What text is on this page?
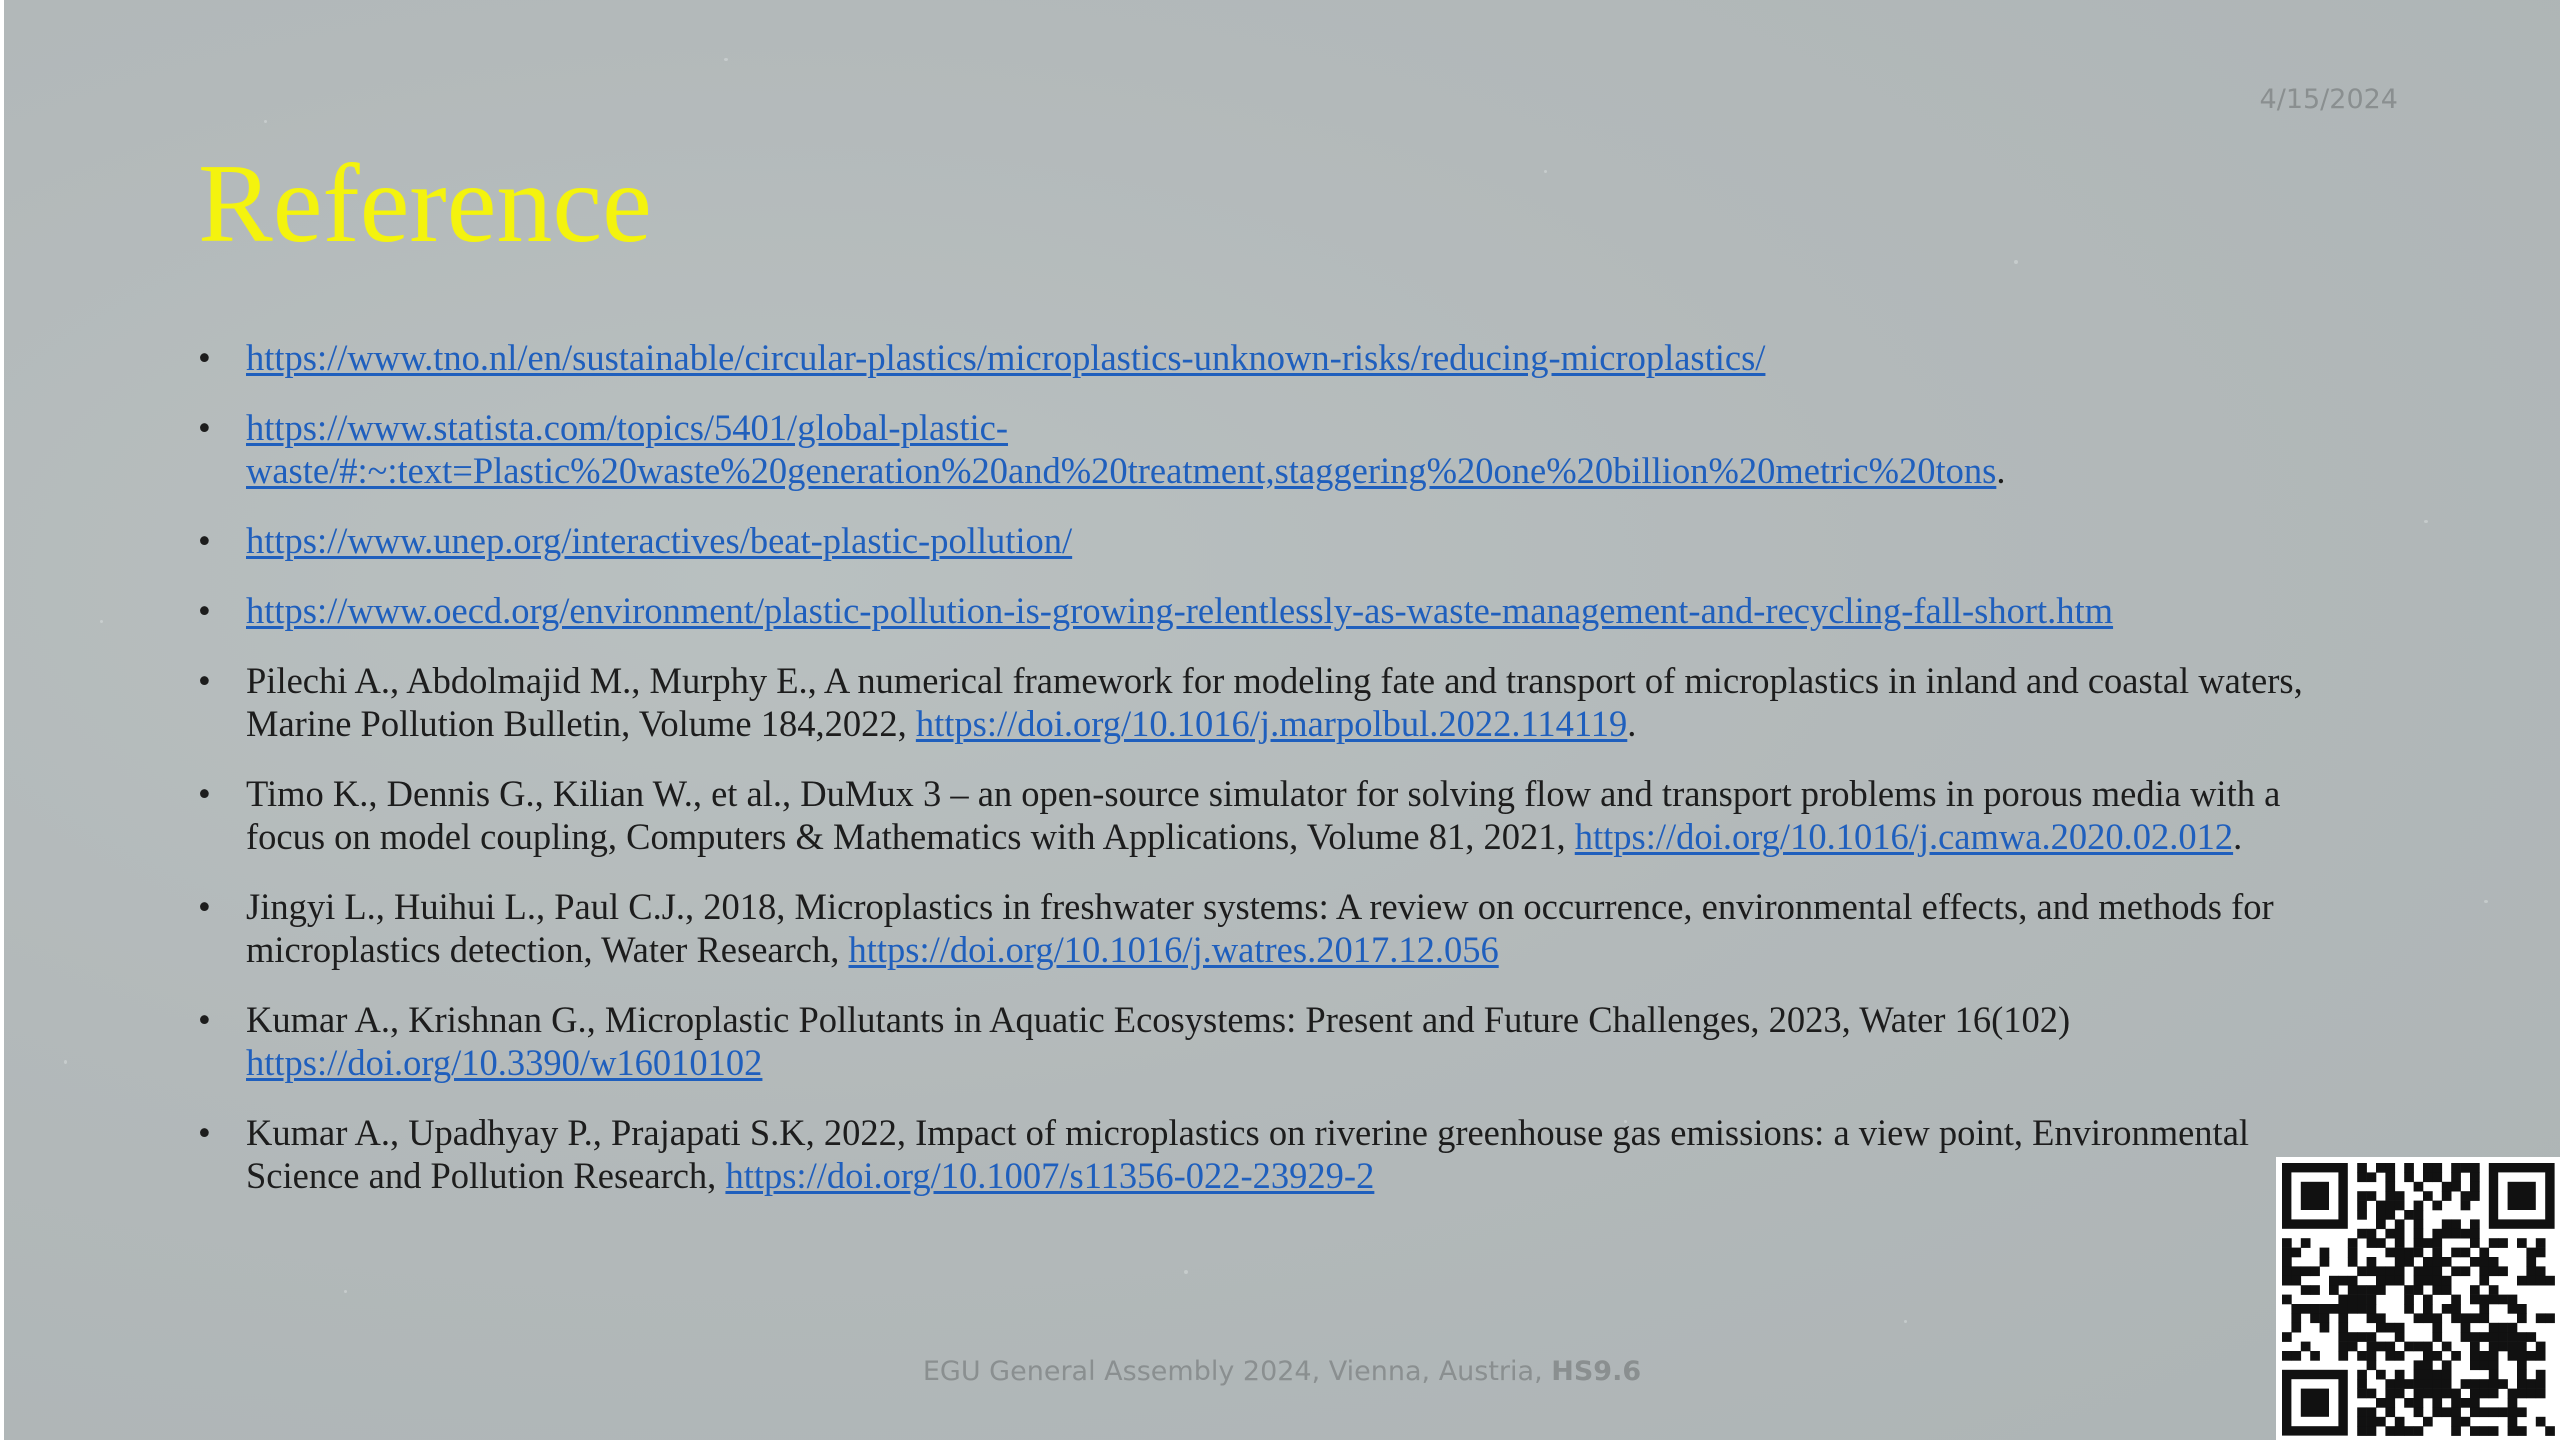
4/15/2024
Reference
• https://www.tno.nl/en/sustainable/circular-plastics/microplastics-unknown-risks/reducing-microplastics/
• https://www.statista.com/topics/5401/global-plastic-waste/#:~:text=Plastic%20waste%20generation%20and%20treatment,staggering%20one%20billion%20metric%20tons.
• https://www.unep.org/interactives/beat-plastic-pollution/
• https://www.oecd.org/environment/plastic-pollution-is-growing-relentlessly-as-waste-management-and-recycling-fall-short.htm
• Pilechi A., Abdolmajid M., Murphy E., A numerical framework for modeling fate and transport of microplastics in inland and coastal waters, Marine Pollution Bulletin, Volume 184,2022, https://doi.org/10.1016/j.marpolbul.2022.114119.
• Timo K., Dennis G., Kilian W., et al., DuMux 3 – an open-source simulator for solving flow and transport problems in porous media with a focus on model coupling, Computers & Mathematics with Applications, Volume 81, 2021, https://doi.org/10.1016/j.camwa.2020.02.012.
• Jingyi L., Huihui L., Paul C.J., 2018, Microplastics in freshwater systems: A review on occurrence, environmental effects, and methods for microplastics detection, Water Research, https://doi.org/10.1016/j.watres.2017.12.056
• Kumar A., Krishnan G., Microplastic Pollutants in Aquatic Ecosystems: Present and Future Challenges, 2023, Water 16(102) https://doi.org/10.3390/w16010102
• Kumar A., Upadhyay P., Prajapati S.K, 2022, Impact of microplastics on riverine greenhouse gas emissions: a view point, Environmental Science and Pollution Research, https://doi.org/10.1007/s11356-022-23929-2
EGU General Assembly 2024, Vienna, Austria, HS9.6
